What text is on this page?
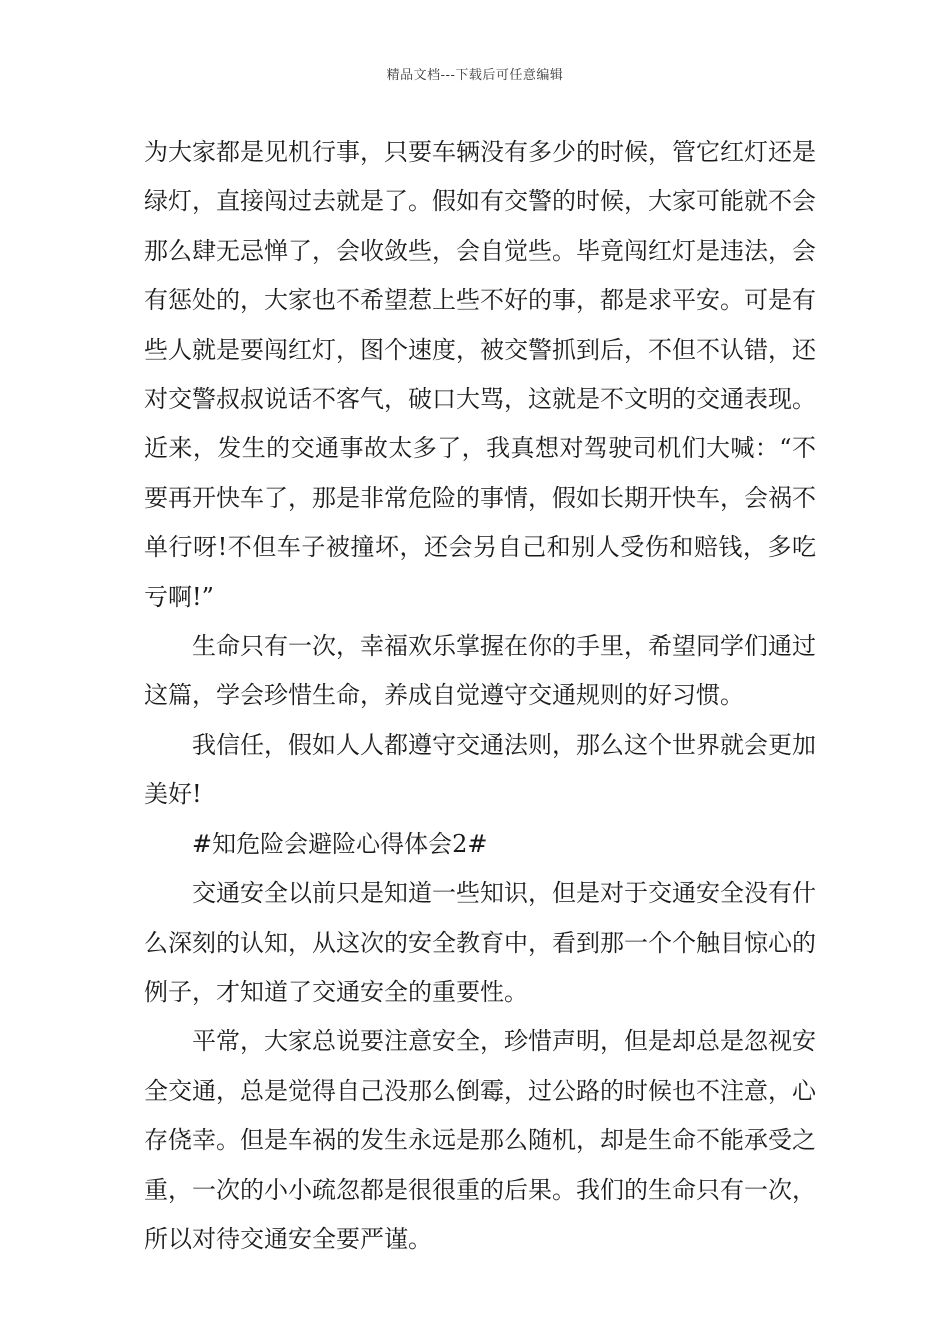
精品文档---下载后可任意编辑

为大家都是见机行事，只要车辆没有多少的时候，管它红灯还是绿灯，直接闯过去就是了。假如有交警的时候，大家可能就不会那么肆无忌惮了，会收敛些，会自觉些。毕竟闯红灯是违法，会有惩处的，大家也不希望惹上些不好的事，都是求平安。可是有些人就是要闯红灯，图个速度，被交警抓到后，不但不认错，还对交警叔叔说话不客气，破口大骂，这就是不文明的交通表现。近来，发生的交通事故太多了，我真想对驾驶司机们大喊：“不要再开快车了，那是非常危险的事情，假如长期开快车，会祸不单行呀!不但车子被撞坏，还会另自己和别人受伤和赔钱，多吃亏啊!”

生命只有一次，幸福欢乐掌握在你的手里，希望同学们通过这篇，学会珍惜生命，养成自觉遵守交通规则的好习惯。

我信任，假如人人都遵守交通法则，那么这个世界就会更加美好!

#知危险会避险心得体会2#

交通安全以前只是知道一些知识，但是对于交通安全没有什么深刻的认知，从这次的安全教育中，看到那一个个触目惊心的例子，才知道了交通安全的重要性。

平常，大家总说要注意安全，珍惜声明，但是却总是忽视安全交通，总是觉得自己没那么倒霉，过公路的时候也不注意，心存侥幸。但是车祸的发生永远是那么随机，却是生命不能承受之重，一次的小小疏忽都是很很重的后果。我们的生命只有一次，所以对待交通安全要严谨。
